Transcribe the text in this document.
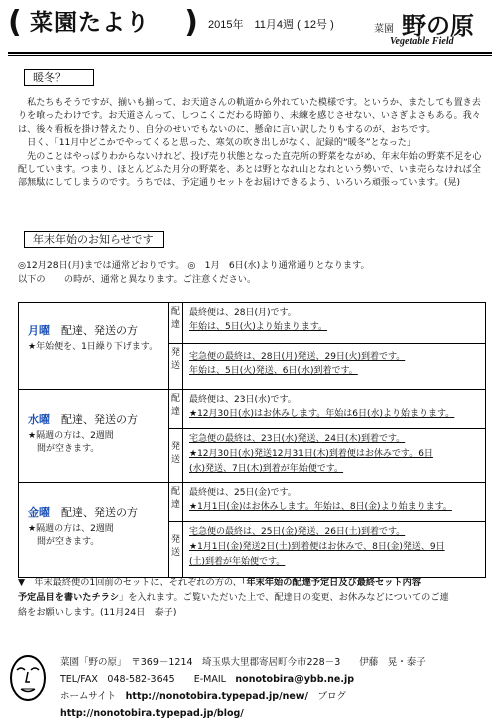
( 菜園たより ) 2015年　11月4週 ( 12号 )	菜園 野の原
Vegetable Field
暖冬？

私たちもそうですが、揃いも揃って、お天道さんの軌道から外れていた模様です。というか、またしても置き去りを喰ったわけです。お天道さんって、しつこくこだわる時節り、未練を感じさせない、いさぎよさもある。我々は、後々看板を掛け替えたり、自分のせいでもないのに、懸命に言い訳したりもするのが、おちです。

日く、「11月中どこかでやってくると思った、寒気の吹き出しがなく、記録的“暖冬”となった」

先のことはやっぱりわからないけれど、投げ売り状態となった直売所の野菜をながめ、年末年始の野菜不足を心配しています。つまり、ほとんどふた月分の野菜を、あとは野となれ山となれという勢いで、いま売らなければ全部無駄にしてしまうのです。うちでは、予定通りセットをお届けできるよう、いろいろ頑張っています。(晃)

年末年始のお知らせです
◎12月28日(月)までは通常どおりです。 ◎　1月　6日(水)より通常通りとなります。
以下の　　の時が、通常と異なります。ご注意ください。
月曜　配達、発送の方
★年始便を、1日繰り下げます。
配
達
最終便は、28日(月)です。
年始は、5日(火)より始まります。
発
送
宅急便の最終は、28日(月)発送、29日(火)到着です。
年始は、5日(火)発送、6日(水)到着です。
水曜　配達、発送の方
★隔週の方は、2週間
　間が空きます。
配
達
最終便は、23日(水)です。
★12月30日(水)はお休みします。年始は6日(水)より始まります。
発
送
宅急便の最終は、23日(水)発送、24日(木)到着です。
★12月30日(水)発送12月31日(木)到着便はお休みです。6日
(水)発送、7日(木)到着が年始便です。
金曜　配達、発送の方
★隔週の方は、2週間
　間が空きます。
配
達
最終便は、25日(金)です。
★1月1日(金)はお休みします。年始は、8日(金)より始まります。
発
送
宅急便の最終は、25日(金)発送、26日(土)到着です。
★1月1日(金)発送2日(土)到着便はお休みで、8日(金)発送、9日
(土)到着が年始便です。
▼　年末最終便の1回前のセットに、それぞれの方の、「年末年始の配達予定日及び最終セット内容
予定品目を書いたチラシ」を入れます。ご覧いただいた上で、配達日の変更、お休みなどについてのご連
絡をお願いします。(11月24日　泰子)
菜園「野の原」　〒369－1214　埼玉県大里郡寄居町今市228－3　　伊藤　晃・泰子
TEL/FAX　048-582-3645　　E-MAIL　nonotobira@ybb.ne.jp
ホームサイト　http://nonotobira.typepad.jp/new/　ブログ　http://nonotobira.typepad.jp/blog/
